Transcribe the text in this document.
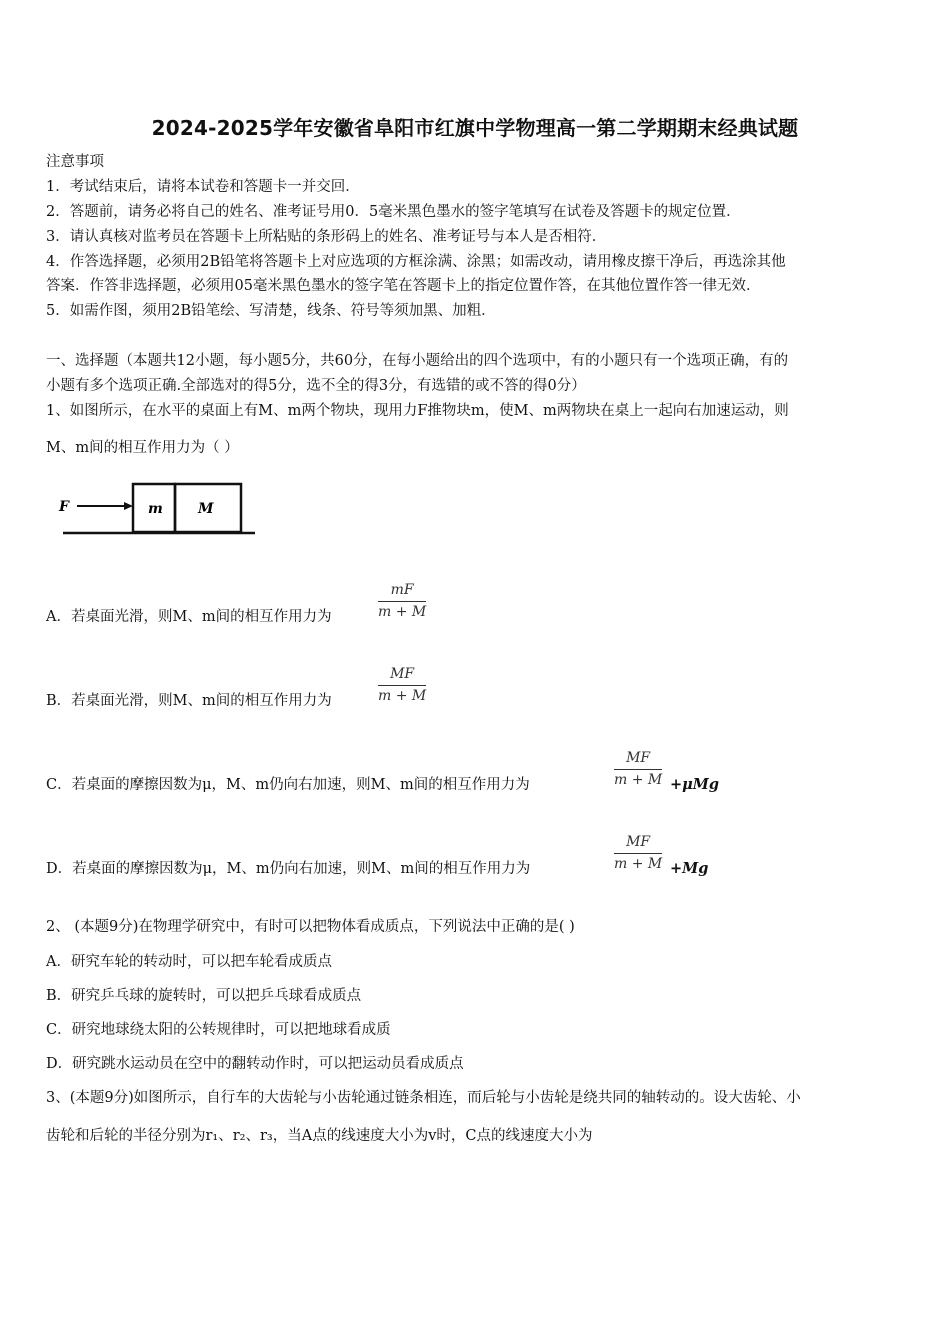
2024-2025学年安徽省阜阳市红旗中学物理高一第二学期期末经典试题
注意事项
1．考试结束后，请将本试卷和答题卡一并交回．
2．答题前，请务必将自己的姓名、准考证号用0．5毫米黑色墨水的签字笔填写在试卷及答题卡的规定位置．
3．请认真核对监考员在答题卡上所粘贴的条形码上的姓名、准考证号与本人是否相符．
4．作答选择题，必须用2B铅笔将答题卡上对应选项的方框涂满、涂黑；如需改动，请用橡皮擦干净后，再选涂其他
答案．作答非选择题，必须用05毫米黑色墨水的签字笔在答题卡上的指定位置作答，在其他位置作答一律无效．
5．如需作图，须用2B铅笔绘、写清楚，线条、符号等须加黑、加粗．
一、选择题（本题共12小题，每小题5分，共60分，在每小题给出的四个选项中，有的小题只有一个选项正确，有的
小题有多个选项正确.全部选对的得5分，选不全的得3分，有选错的或不答的得0分）
1、如图所示，在水平的桌面上有M、m两个物块，现用力F推物块m，使M、m两物块在桌上一起向右加速运动，则
M、m间的相互作用力为（ ）
F	m	M
A．若桌面光滑，则M、m间的相互作用力为	$\frac{mF}{m + M}$
B．若桌面光滑，则M、m间的相互作用力为	$\frac{MF}{m + M}$
C．若桌面的摩擦因数为μ，M、m仍向右加速，则M、m间的相互作用力为	$\frac{MF}{m + M} +\mu Mg$
D．若桌面的摩擦因数为μ，M、m仍向右加速，则M、m间的相互作用力为	$\frac{MF}{m + M} +Mg$
2、 (本题9分)在物理学研究中，有时可以把物体看成质点，下列说法中正确的是( )
A．研究车轮的转动时，可以把车轮看成质点
B．研究乒乓球的旋转时，可以把乒乓球看成质点
C．研究地球绕太阳的公转规律时，可以把地球看成质
D．研究跳水运动员在空中的翻转动作时，可以把运动员看成质点
3、(本题9分)如图所示，自行车的大齿轮与小齿轮通过链条相连，而后轮与小齿轮是绕共同的轴转动的。设大齿轮、小
齿轮和后轮的半径分别为r₁、r₂、r₃，当A点的线速度大小为v时，C点的线速度大小为
